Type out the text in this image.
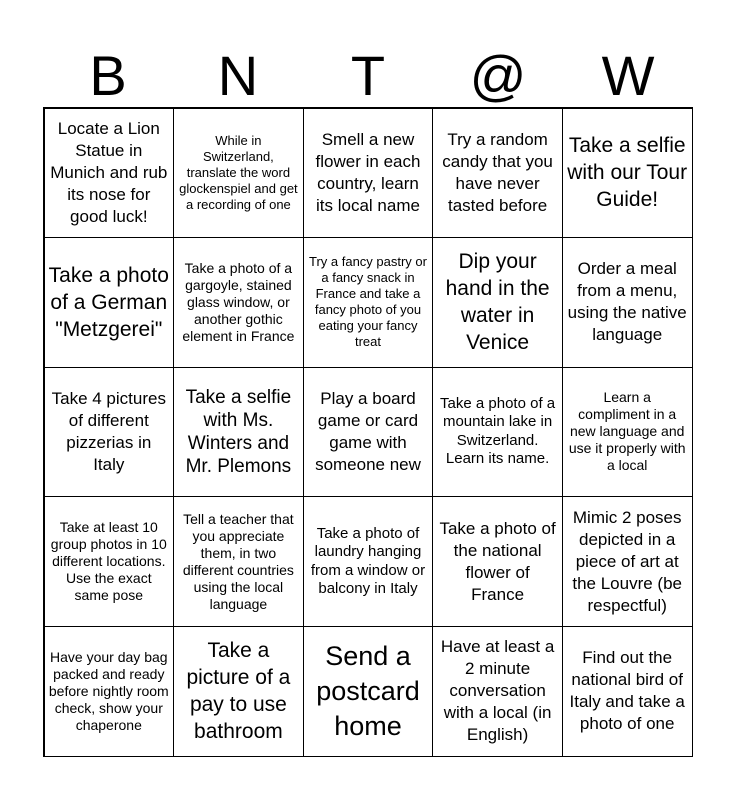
B	N	T	@	W
Locate a Lion Statue in Munich and rub its nose for good luck!
While in Switzerland, translate the word glockenspiel and get a recording of one
Smell a new flower in each country, learn its local name
Try a random candy that you have never tasted before
Take a selfie with our Tour Guide!
Take a photo of a German "Metzgerei"
Take a photo of a gargoyle, stained glass window, or another gothic element in France
Try a fancy pastry or a fancy snack in France and take a fancy photo of you eating your fancy treat
Dip your hand in the water in Venice
Order a meal from a menu, using the native language
Take 4 pictures of different pizzerias in Italy
Take a selfie with Ms. Winters and Mr. Plemons
Play a board game or card game with someone new
Take a photo of a mountain lake in Switzerland. Learn its name.
Learn a compliment in a new language and use it properly with a local
Take at least 10 group photos in 10 different locations. Use the exact same pose
Tell a teacher that you appreciate them, in two different countries using the local language
Take a photo of laundry hanging from a window or balcony in Italy
Take a photo of the national flower of France
Mimic 2 poses depicted in a piece of art at the Louvre (be respectful)
Have your day bag packed and ready before nightly room check, show your chaperone
Take a picture of a pay to use bathroom
Send a postcard home
Have at least a 2 minute conversation with a local (in English)
Find out the national bird of Italy and take a photo of one
